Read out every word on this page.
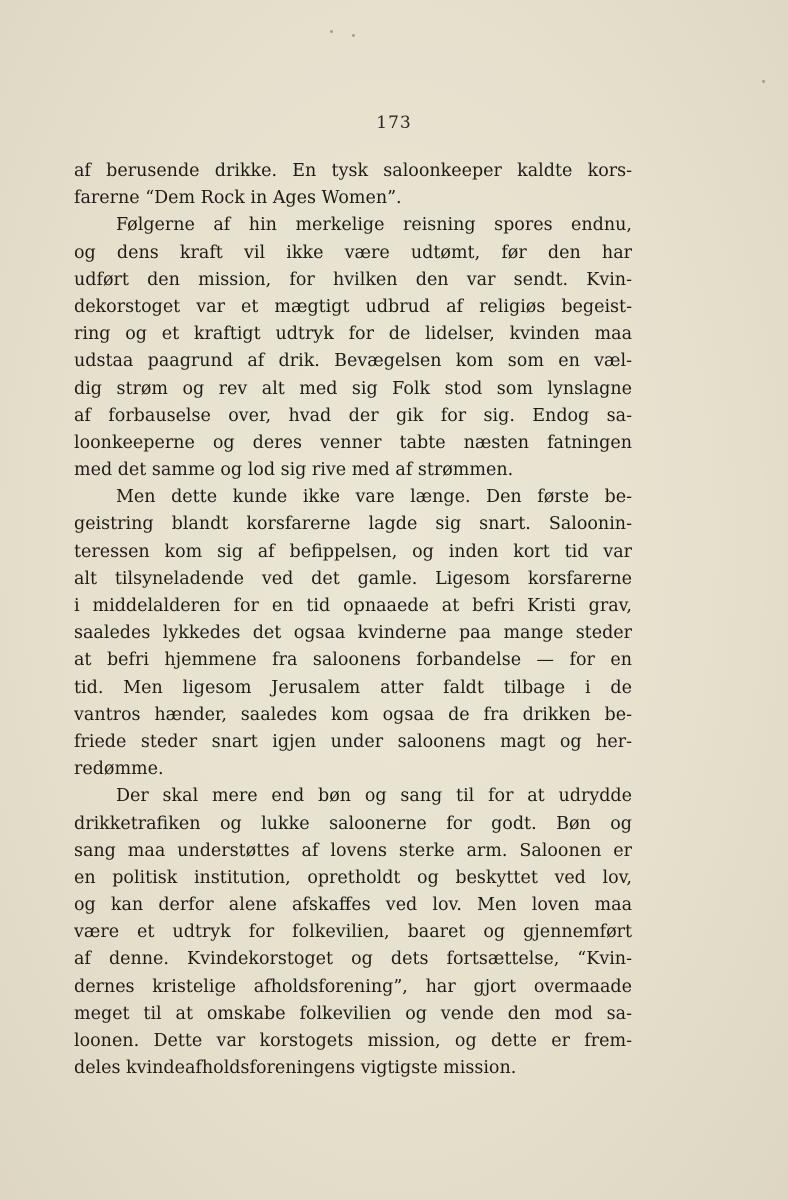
173
af berusende drikke. En tysk saloonkeeper kaldte kors-
farerne “Dem Rock in Ages Women”.
Følgerne af hin merkelige reisning spores endnu,
og dens kraft vil ikke være udtømt, før den har
udført den mission, for hvilken den var sendt. Kvin-
dekorstoget var et mægtigt udbrud af religiøs begeist-
ring og et kraftigt udtryk for de lidelser, kvinden maa
udstaa paagrund af drik. Bevægelsen kom som en væl-
dig strøm og rev alt med sig Folk stod som lynslagne
af forbauselse over, hvad der gik for sig. Endog sa-
loonkeeperne og deres venner tabte næsten fatningen
med det samme og lod sig rive med af strømmen.
Men dette kunde ikke vare længe. Den første be-
geistring blandt korsfarerne lagde sig snart. Saloonin-
teressen kom sig af befippelsen, og inden kort tid var
alt tilsyneladende ved det gamle. Ligesom korsfarerne
i middelalderen for en tid opnaaede at befri Kristi grav,
saaledes lykkedes det ogsaa kvinderne paa mange steder
at befri hjemmene fra saloonens forbandelse — for en
tid. Men ligesom Jerusalem atter faldt tilbage i de
vantros hænder, saaledes kom ogsaa de fra drikken be-
friede steder snart igjen under saloonens magt og her-
redømme.
Der skal mere end bøn og sang til for at udrydde
drikketrafiken og lukke saloonerne for godt. Bøn og
sang maa understøttes af lovens sterke arm. Saloonen er
en politisk institution, opretholdt og beskyttet ved lov,
og kan derfor alene afskaffes ved lov. Men loven maa
være et udtryk for folkevilien, baaret og gjennemført
af denne. Kvindekorstoget og dets fortsættelse, “Kvin-
dernes kristelige afholdsforening”, har gjort overmaade
meget til at omskabe folkevilien og vende den mod sa-
loonen. Dette var korstogets mission, og dette er frem-
deles kvindeafholdsforeningens vigtigste mission.
